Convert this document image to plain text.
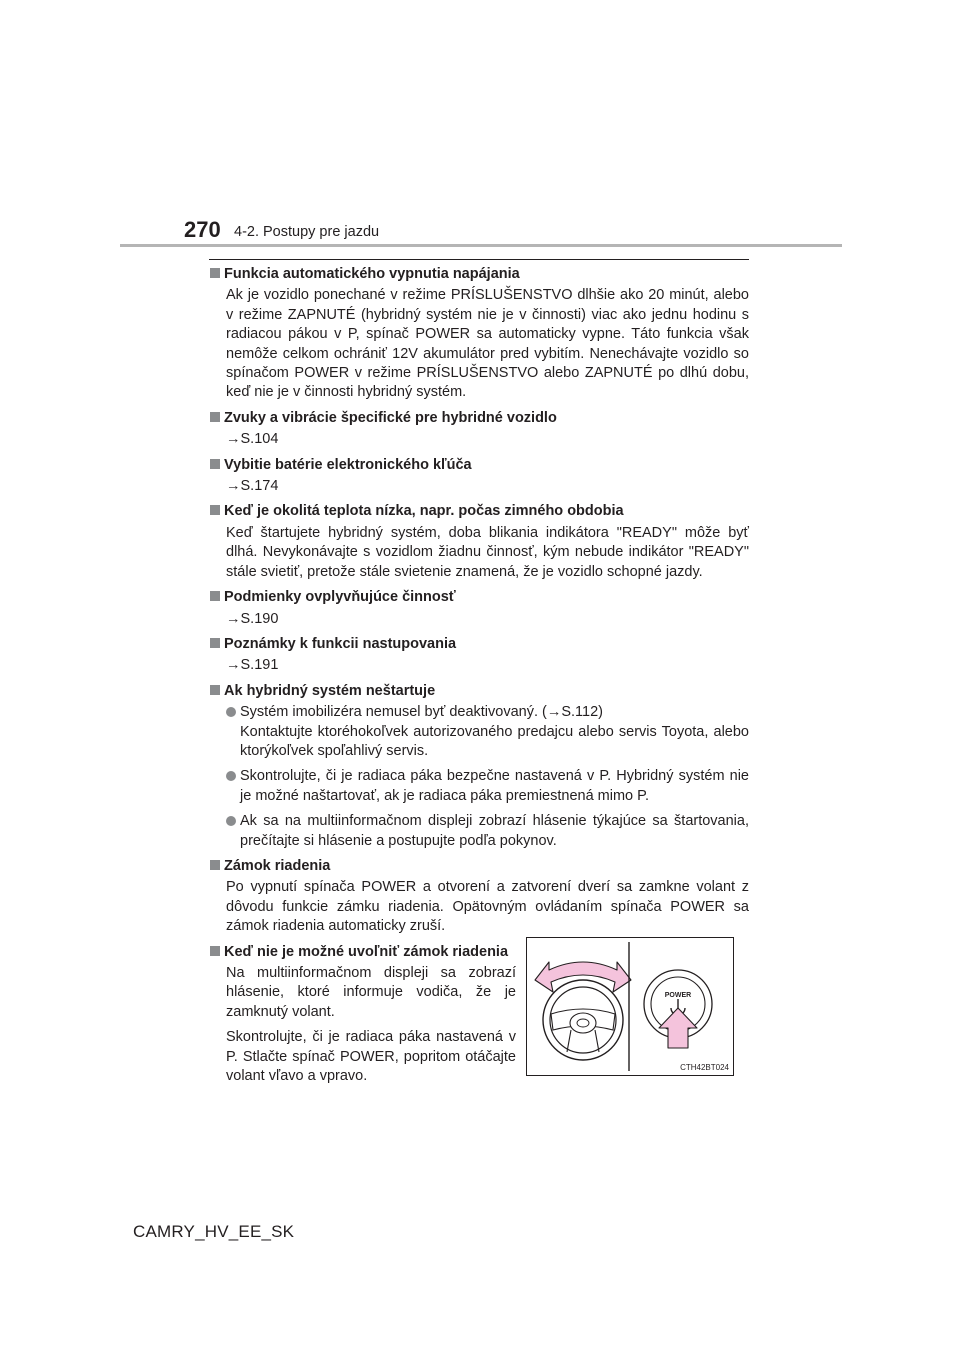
270 4-2. Postupy pre jazdu
Funkcia automatického vypnutia napájania

Ak je vozidlo ponechané v režime PRÍSLUŠENSTVO dlhšie ako 20 minút, alebo v režime ZAPNUTÉ (hybridný systém nie je v činnosti) viac ako jednu hodinu s radiacou pákou v P, spínač POWER sa automaticky vypne. Táto funkcia však nemôže celkom ochrániť 12V akumulátor pred vybitím. Nenechávajte vozidlo so spínačom POWER v režime PRÍSLUŠENSTVO alebo ZAPNUTÉ po dlhú dobu, keď nie je v činnosti hybridný systém.

Zvuky a vibrácie špecifické pre hybridné vozidlo
→S.104
Vybitie batérie elektronického kľúča
→S.174
Keď je okolitá teplota nízka, napr. počas zimného obdobia

Keď štartujete hybridný systém, doba blikania indikátora "READY" môže byť dlhá. Nevykonávajte s vozidlom žiadnu činnosť, kým nebude indikátor "READY" stále svietiť, pretože stále svietenie znamená, že je vozidlo schopné jazdy.

Podmienky ovplyvňujúce činnosť
→S.190
Poznámky k funkcii nastupovania
→S.191
Ak hybridný systém neštartuje

Systém imobilizéra nemusel byť deaktivovaný. (→S.112)

Kontaktujte ktoréhokoľvek autorizovaného predajcu alebo servis Toyota, alebo ktorýkoľvek spoľahlivý servis.

Skontrolujte, či je radiaca páka bezpečne nastavená v P. Hybridný systém nie je možné naštartovať, ak je radiaca páka premiestnená mimo P.

Ak sa na multiinformačnom displeji zobrazí hlásenie týkajúce sa štartovania, prečítajte si hlásenie a postupujte podľa pokynov.

Zámok riadenia

Po vypnutí spínača POWER a otvorení a zatvorení dverí sa zamkne volant z dôvodu funkcie zámku riadenia. Opätovným ovládaním spínača POWER sa zámok riadenia automaticky zruší.

Keď nie je možné uvoľniť zámok riadenia

Na multiinformačnom displeji sa zobrazí hlásenie, ktoré informuje vodiča, že je zamknutý volant.

Skontrolujte, či je radiaca páka nastavená v P. Stlačte spínač POWER, popritom otáčajte volant vľavo a vpravo.

POWER
CTH42BT024
CAMRY_HV_EE_SK
